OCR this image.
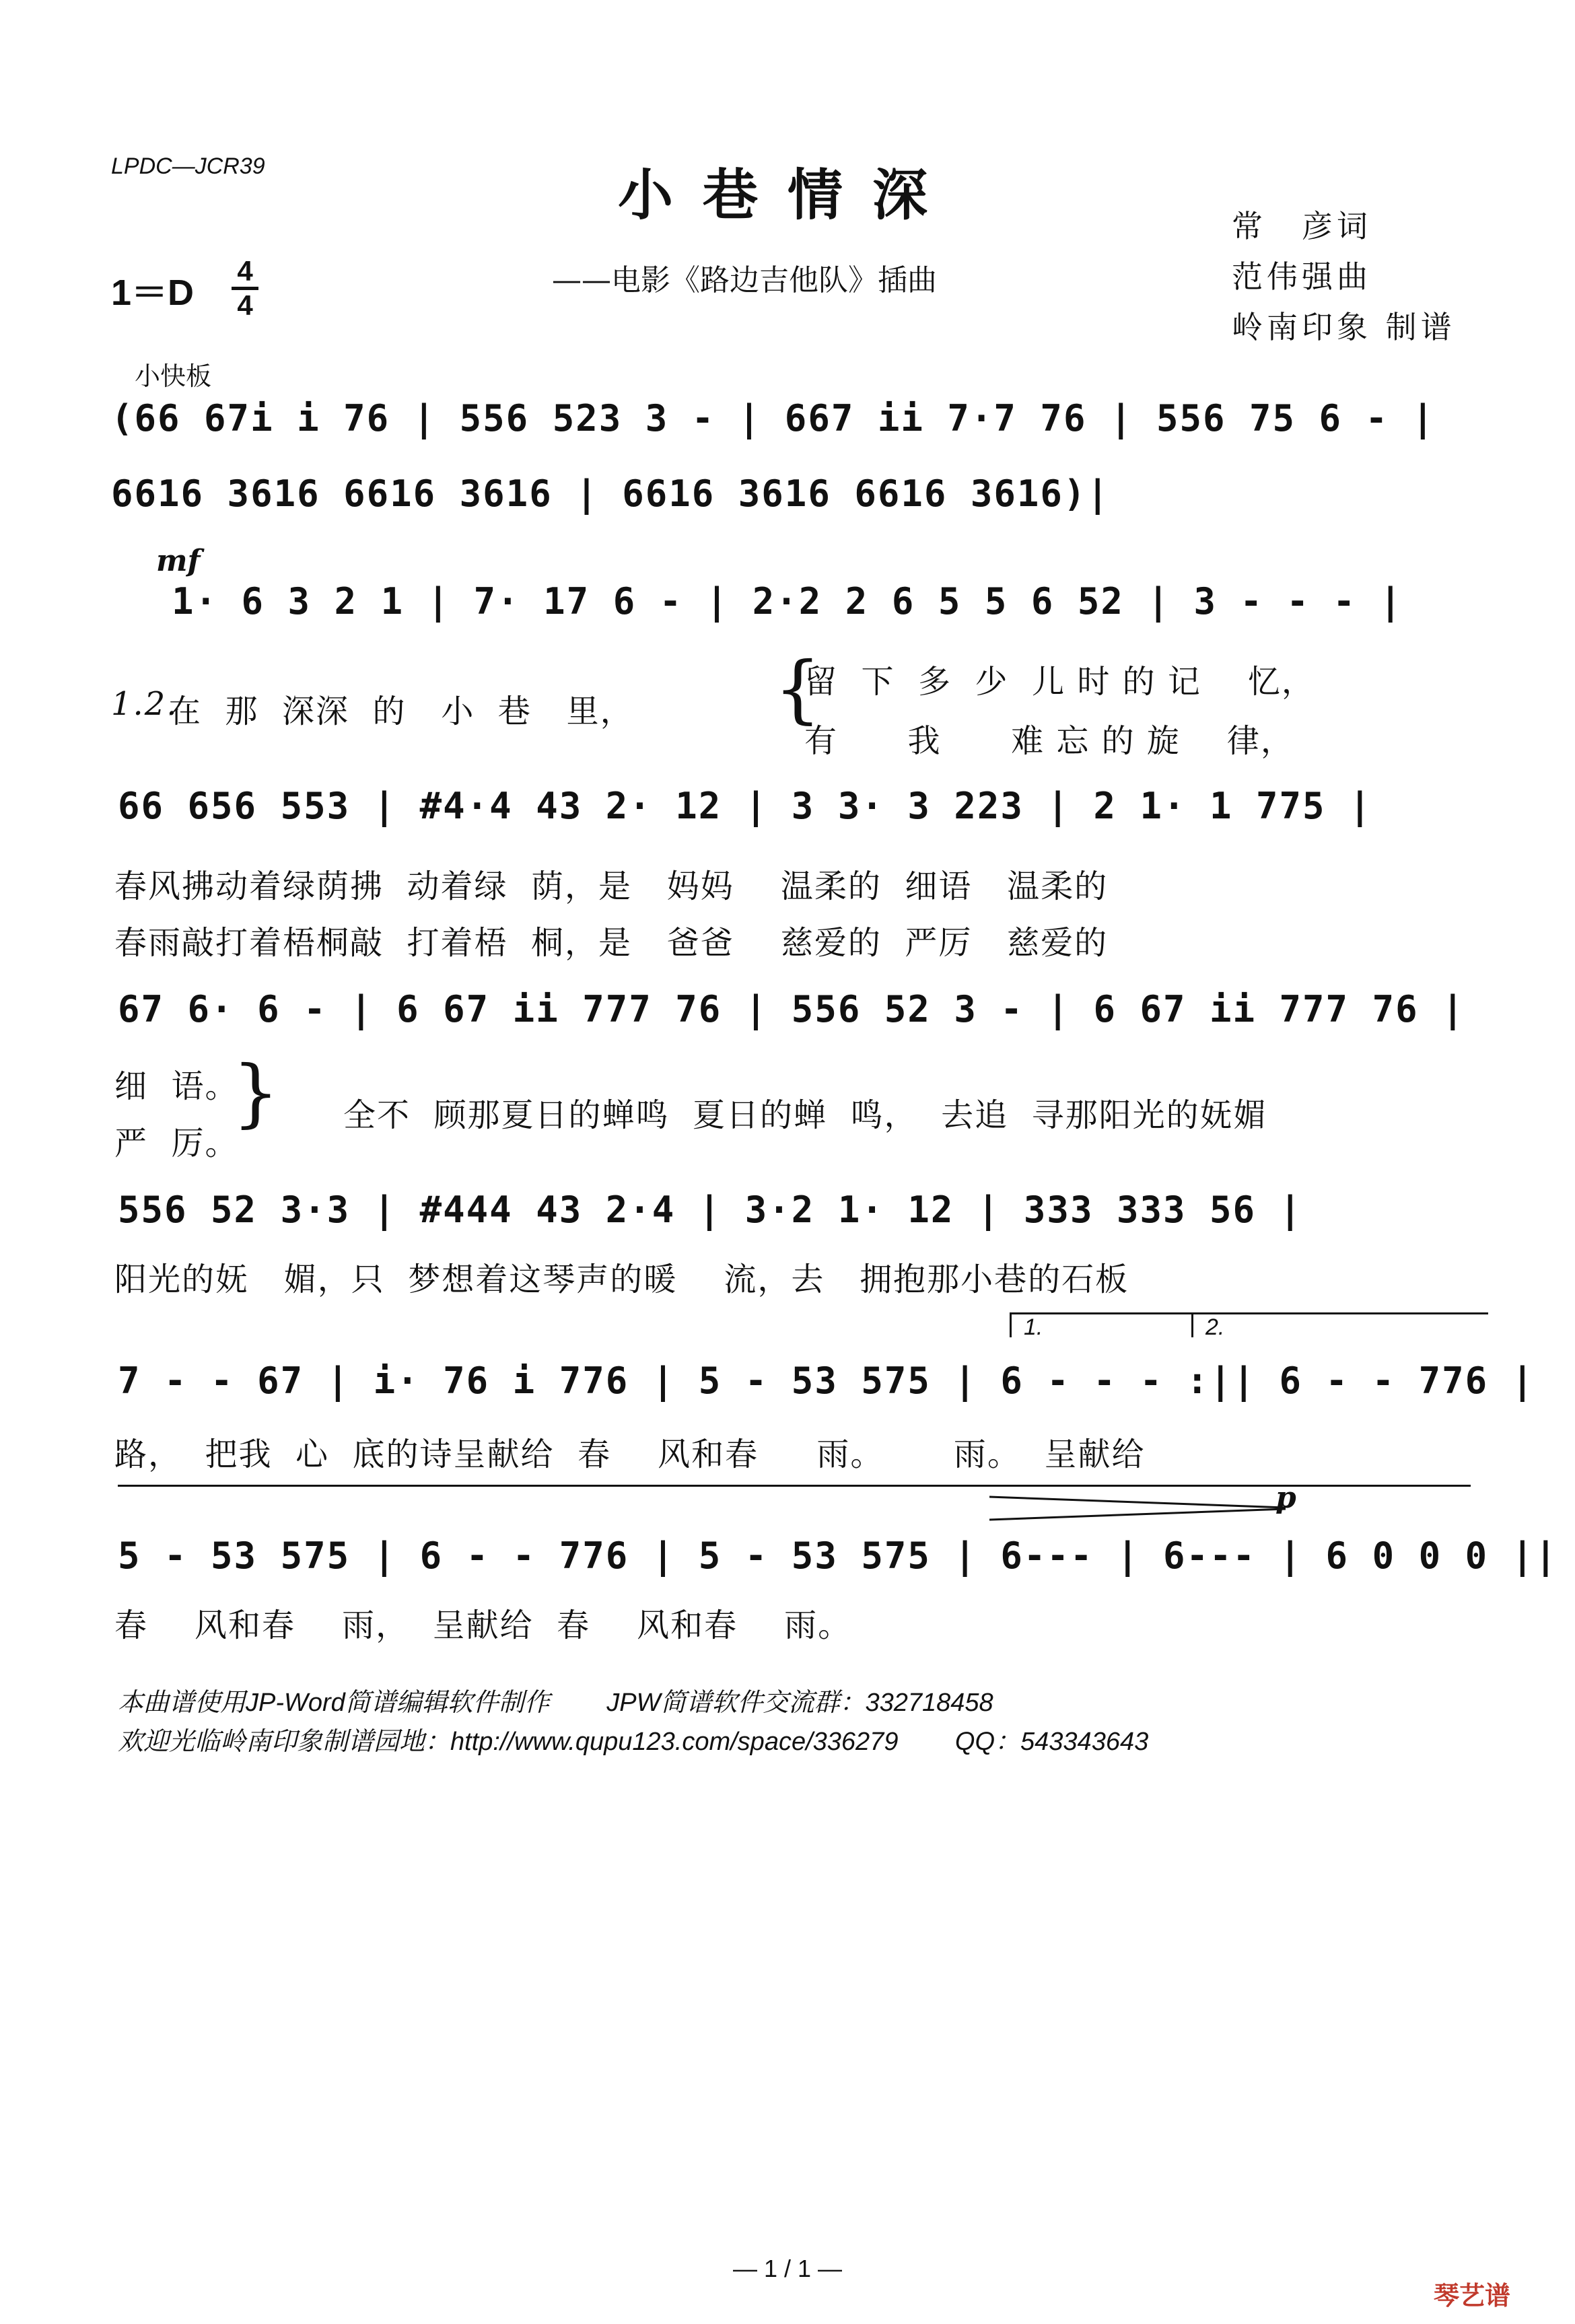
LPDC—JCR39	小巷情深
——电影《路边吉他队》插曲
常　彦词
范伟强曲
岭南印象 制谱
1＝D
4
4
小快板
(66 67i i 76 | 556 523 3 - | 667 ii 7·7 76 | 556 75 6 - |
6616 3616 6616 3616 | 6616 3616 6616 3616)|
mf
1· 6 3 2 1 | 7· 17 6 - | 2·2 2 6 5 5 6 52 | 3 - - - |
1.2.
在  那  深深  的   小  巷   里， {
留  下  多  少  儿 时 的 记    忆，
有      我      难 忘 的 旋    律，
66 656 553 | #4·4 43 2· 12 | 3 3· 3 223 | 2 1· 1 775 |
春风拂动着绿荫拂  动着绿  荫，是   妈妈    温柔的  细语   温柔的
春雨敲打着梧桐敲  打着梧  桐，是   爸爸    慈爱的  严厉   慈爱的
67 6· 6 - | 6 67 ii 777 76 | 556 52 3 - | 6 67 ii 777 76 |
细  语。
严  厉。
} 全不  顾那夏日的蝉鸣  夏日的蝉  鸣，  去追  寻那阳光的妩媚
556 52 3·3 | #444 43 2·4 | 3·2 1· 12 | 333 333 56 |
阳光的妩   媚，只  梦想着这琴声的暖    流，去   拥抱那小巷的石板
1.	2.
7 - - 67 | i· 76 i 776 | 5 - 53 575 | 6 - - - :|| 6 - - 776 |
路，  把我  心  底的诗呈献给  春    风和春     雨。      雨。  呈献给
p
5 - 53 575 | 6 - - 776 | 5 - 53 575 | 6--- | 6--- | 6 0 0 0 ||
春    风和春    雨，  呈献给  春    风和春    雨。
本曲谱使用JP-Word简谱编辑软件制作        JPW简谱软件交流群：332718458
欢迎光临岭南印象制谱园地：http://www.qupu123.com/space/336279        QQ：543343643
— 1 / 1 —
琴艺谱
